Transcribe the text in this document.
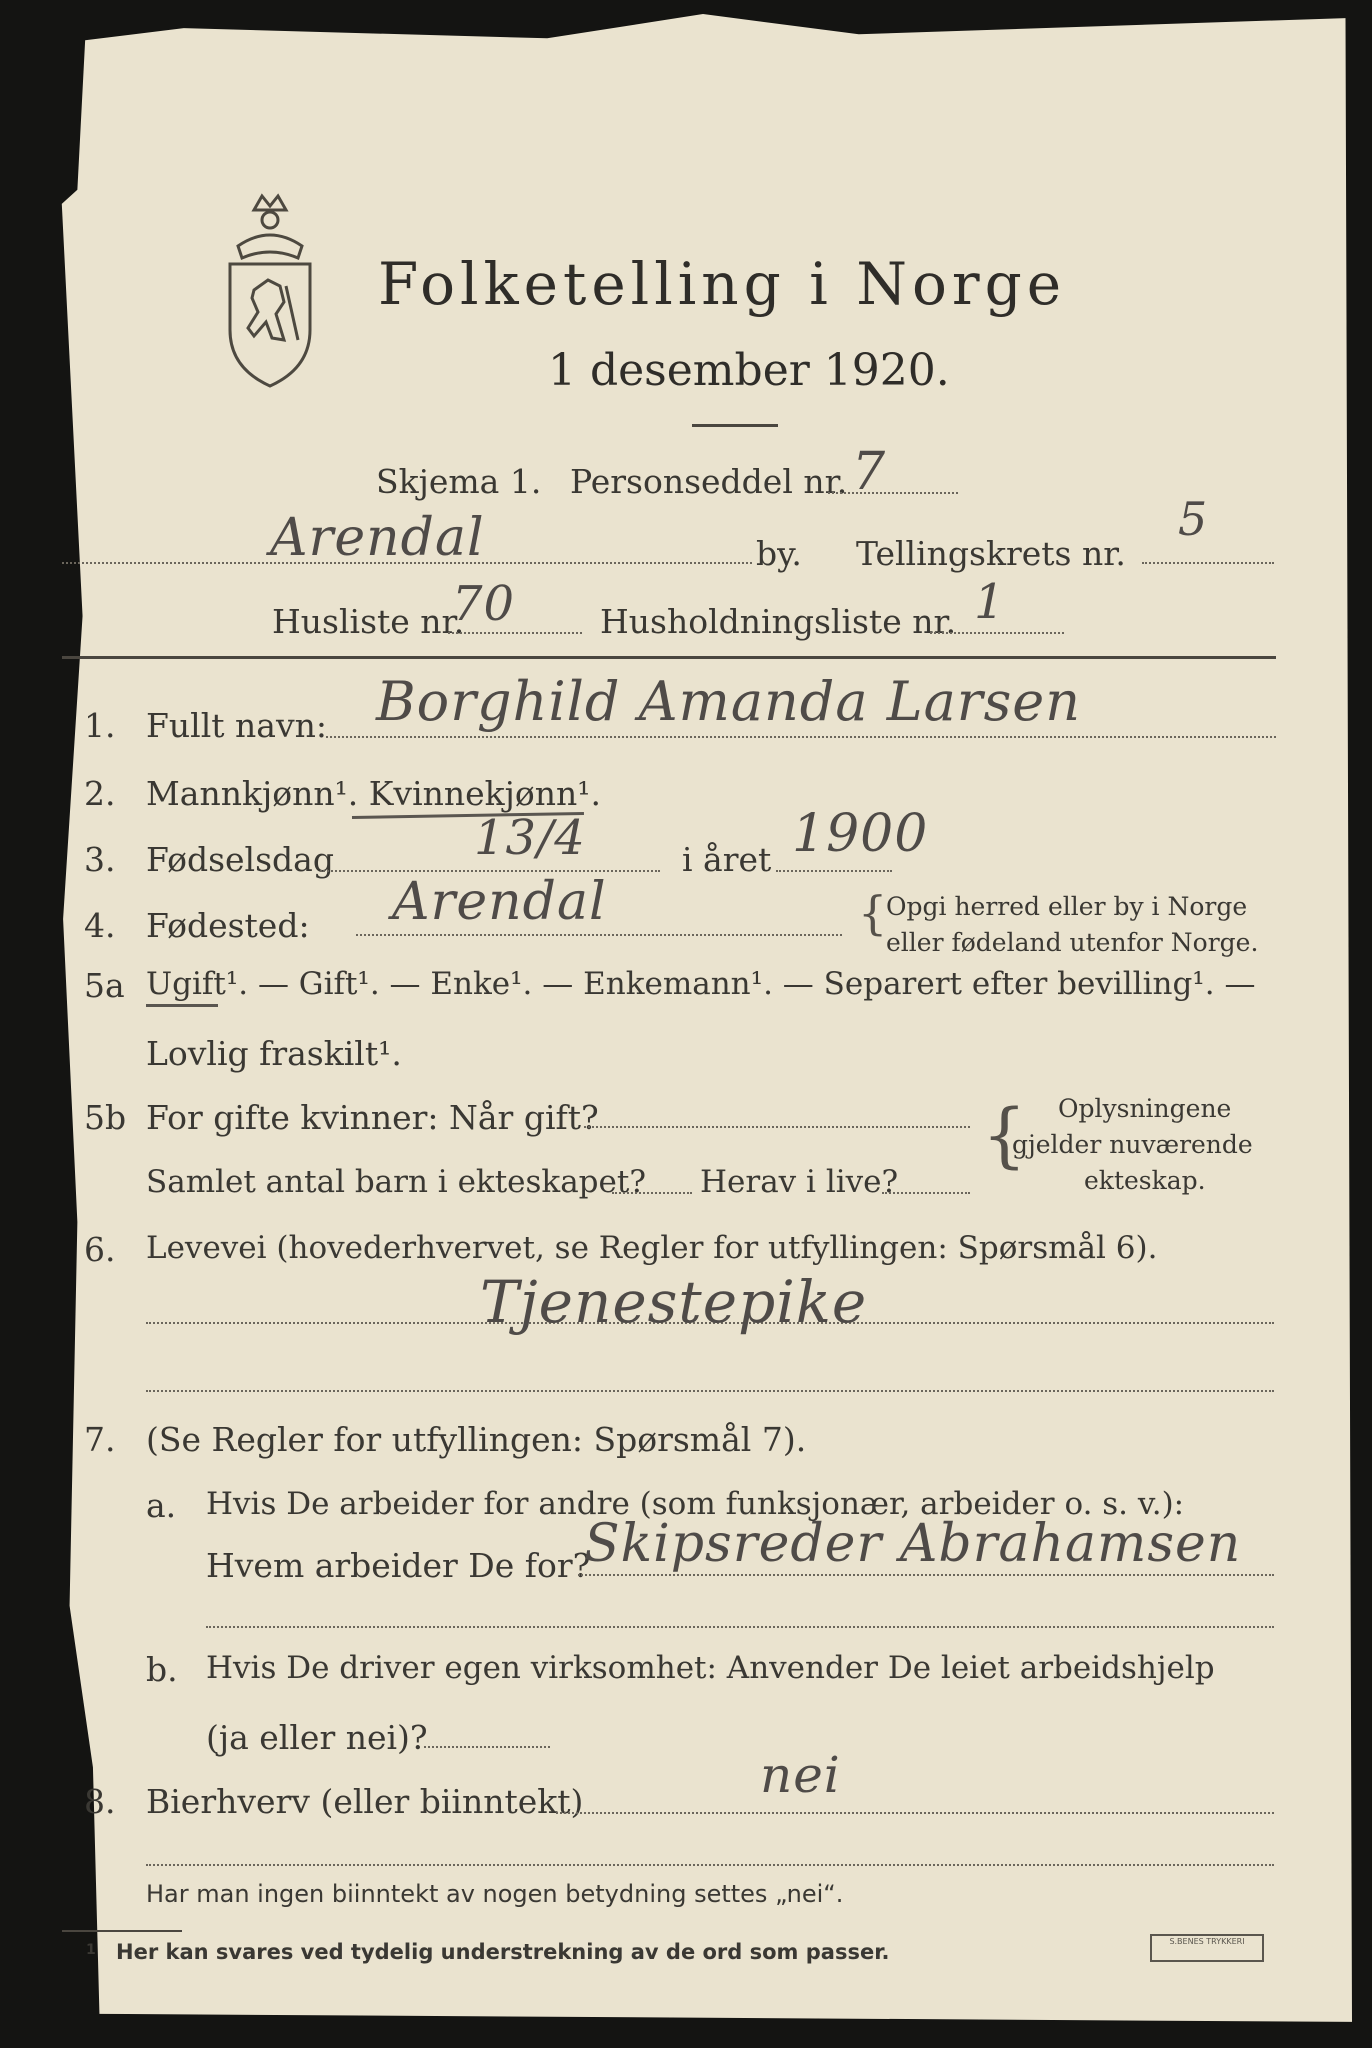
Folketelling i Norge
1 desember 1920.
Skjema 1. Personseddel nr. 7
Arendal	by. Tellingskrets nr.
5
Husliste nr.
70	Husholdningsliste nr. 1
1. Fullt navn: Borghild Amanda Larsen
2. Mannkjønn¹. Kvinnekjønn¹.
3. Fødselsdag	13/4	i året 1900
4. Fødested: Arendal	{
Opgi herred eller by i Norge
eller fødeland utenfor Norge.
5a Ugift¹. — Gift¹. — Enke¹. — Enkemann¹. — Separert efter bevilling¹. —
Lovlig fraskilt¹.
5b For gifte kvinner: Når gift?
Samlet antal barn i ekteskapet? Herav i live?
{ Oplysningene
gjelder nuværende
ekteskap.
6. Levevei (hovederhvervet, se Regler for utfyllingen: Spørsmål 6).
Tjenestepike
7. (Se Regler for utfyllingen: Spørsmål 7).
a. Hvis De arbeider for andre (som funksjonær, arbeider o. s. v.):
Hvem arbeider De for?
Skipsreder Abrahamsen
b. Hvis De driver egen virksomhet: Anvender De leiet arbeidshjelp
(ja eller nei)?
8. Bierhverv (eller biinntekt)	nei
Har man ingen biinntekt av nogen betydning settes „nei“.
1 Her kan svares ved tydelig understrekning av de ord som passer.	S.BENES TRYKKERI
